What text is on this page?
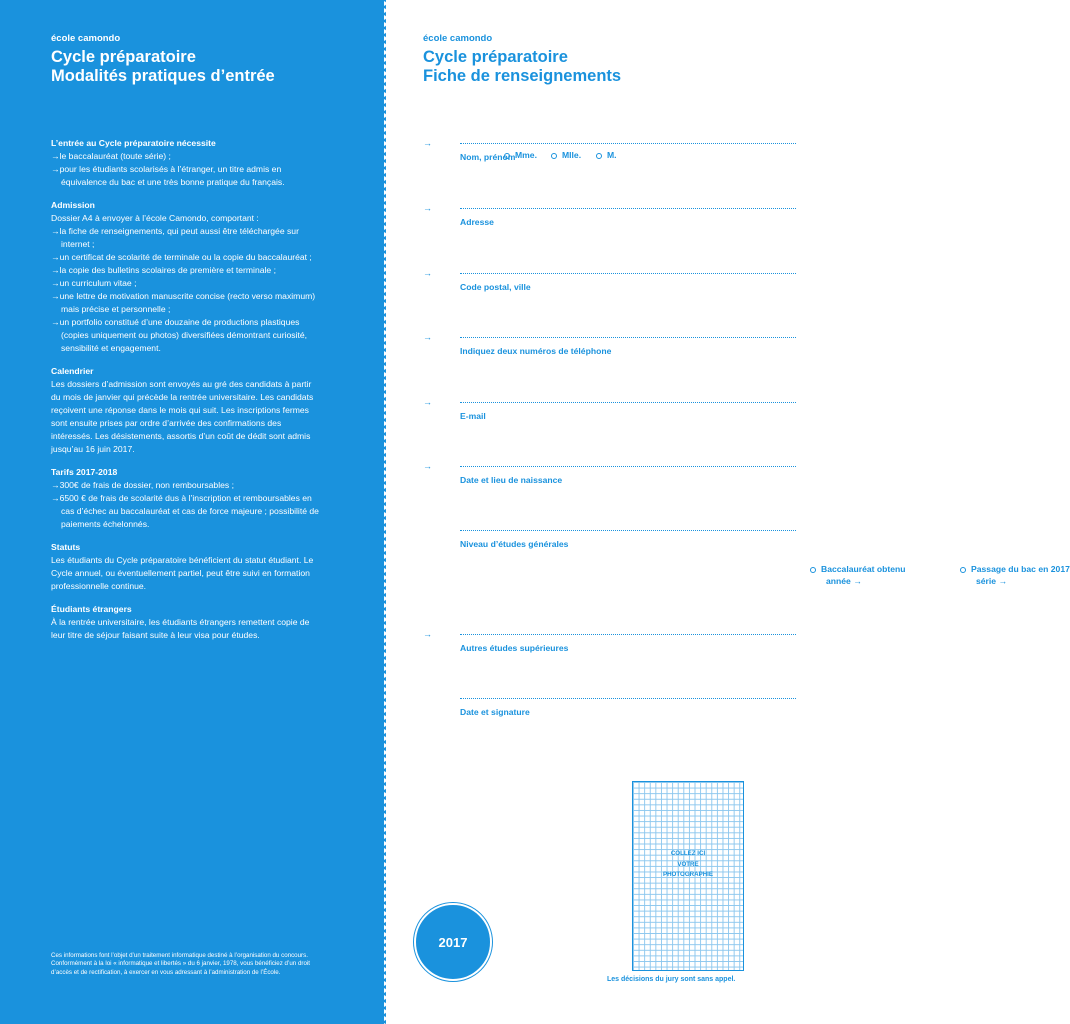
école camondo
Cycle préparatoire
Modalités pratiques d’entrée
L’entrée au Cycle préparatoire nécessite
→ le baccalauréat (toute série) ;
→ pour les étudiants scolarisés à l’étranger, un titre admis en équivalence du bac et une très bonne pratique du français.
Admission

Dossier A4 à envoyer à l’école Camondo, comportant :

→ la fiche de renseignements, qui peut aussi être téléchargée sur internet ;
→ un certificat de scolarité de terminale ou la copie du baccalauréat ;
→ la copie des bulletins scolaires de première et terminale ;
→ un curriculum vitae ;
→ une lettre de motivation manuscrite concise (recto verso maximum) mais précise et personnelle ;
→ un portfolio constitué d’une douzaine de productions plastiques (copies uniquement ou photos) diversifiées démontrant curiosité, sensibilité et engagement.
Calendrier

Les dossiers d’admission sont envoyés au gré des candidats à partir du mois de janvier qui précède la rentrée universitaire. Les candidats reçoivent une réponse dans le mois qui suit. Les inscriptions fermes sont ensuite prises par ordre d’arrivée des confirmations des intéressés. Les désistements, assortis d’un coût de dédit sont admis jusqu’au 16 juin 2017.

Tarifs 2017-2018
→ 300€ de frais de dossier, non remboursables ;
→ 6500 € de frais de scolarité dus à l’inscription et remboursables en cas d’échec au baccalauréat et cas de force majeure ; possibilité de paiements échelonnés.
Statuts

Les étudiants du Cycle préparatoire bénéficient du statut étudiant. Le Cycle annuel, ou éventuellement partiel, peut être suivi en formation professionnelle continue.

Étudiants étrangers

À la rentrée universitaire, les étudiants étrangers remettent copie de leur titre de séjour faisant suite à leur visa pour études.

Ces informations font l’objet d’un traitement informatique destiné à l’organisation du concours. Conformément à la loi « informatique et libertés » du 6 janvier, 1978, vous bénéficiez d’un droit d’accès et de rectification, à exercer en vous adressant à l’administration de l’École.
école camondo
Cycle préparatoire
Fiche de renseignements
→
Nom, prénom Mme.	Mlle.	M.
→
Adresse
→
Code postal, ville
→
Indiquez deux numéros de téléphone
→
E-mail
→
Date et lieu de naissance
Niveau d’études générales
Baccalauréat obtenu
année →
Passage du bac en 2017
série →
→
Autres études supérieures
Date et signature
COLLEZ ICI
VOTRE
PHOTOGRAPHIE
2017
Les décisions du jury sont sans appel.
